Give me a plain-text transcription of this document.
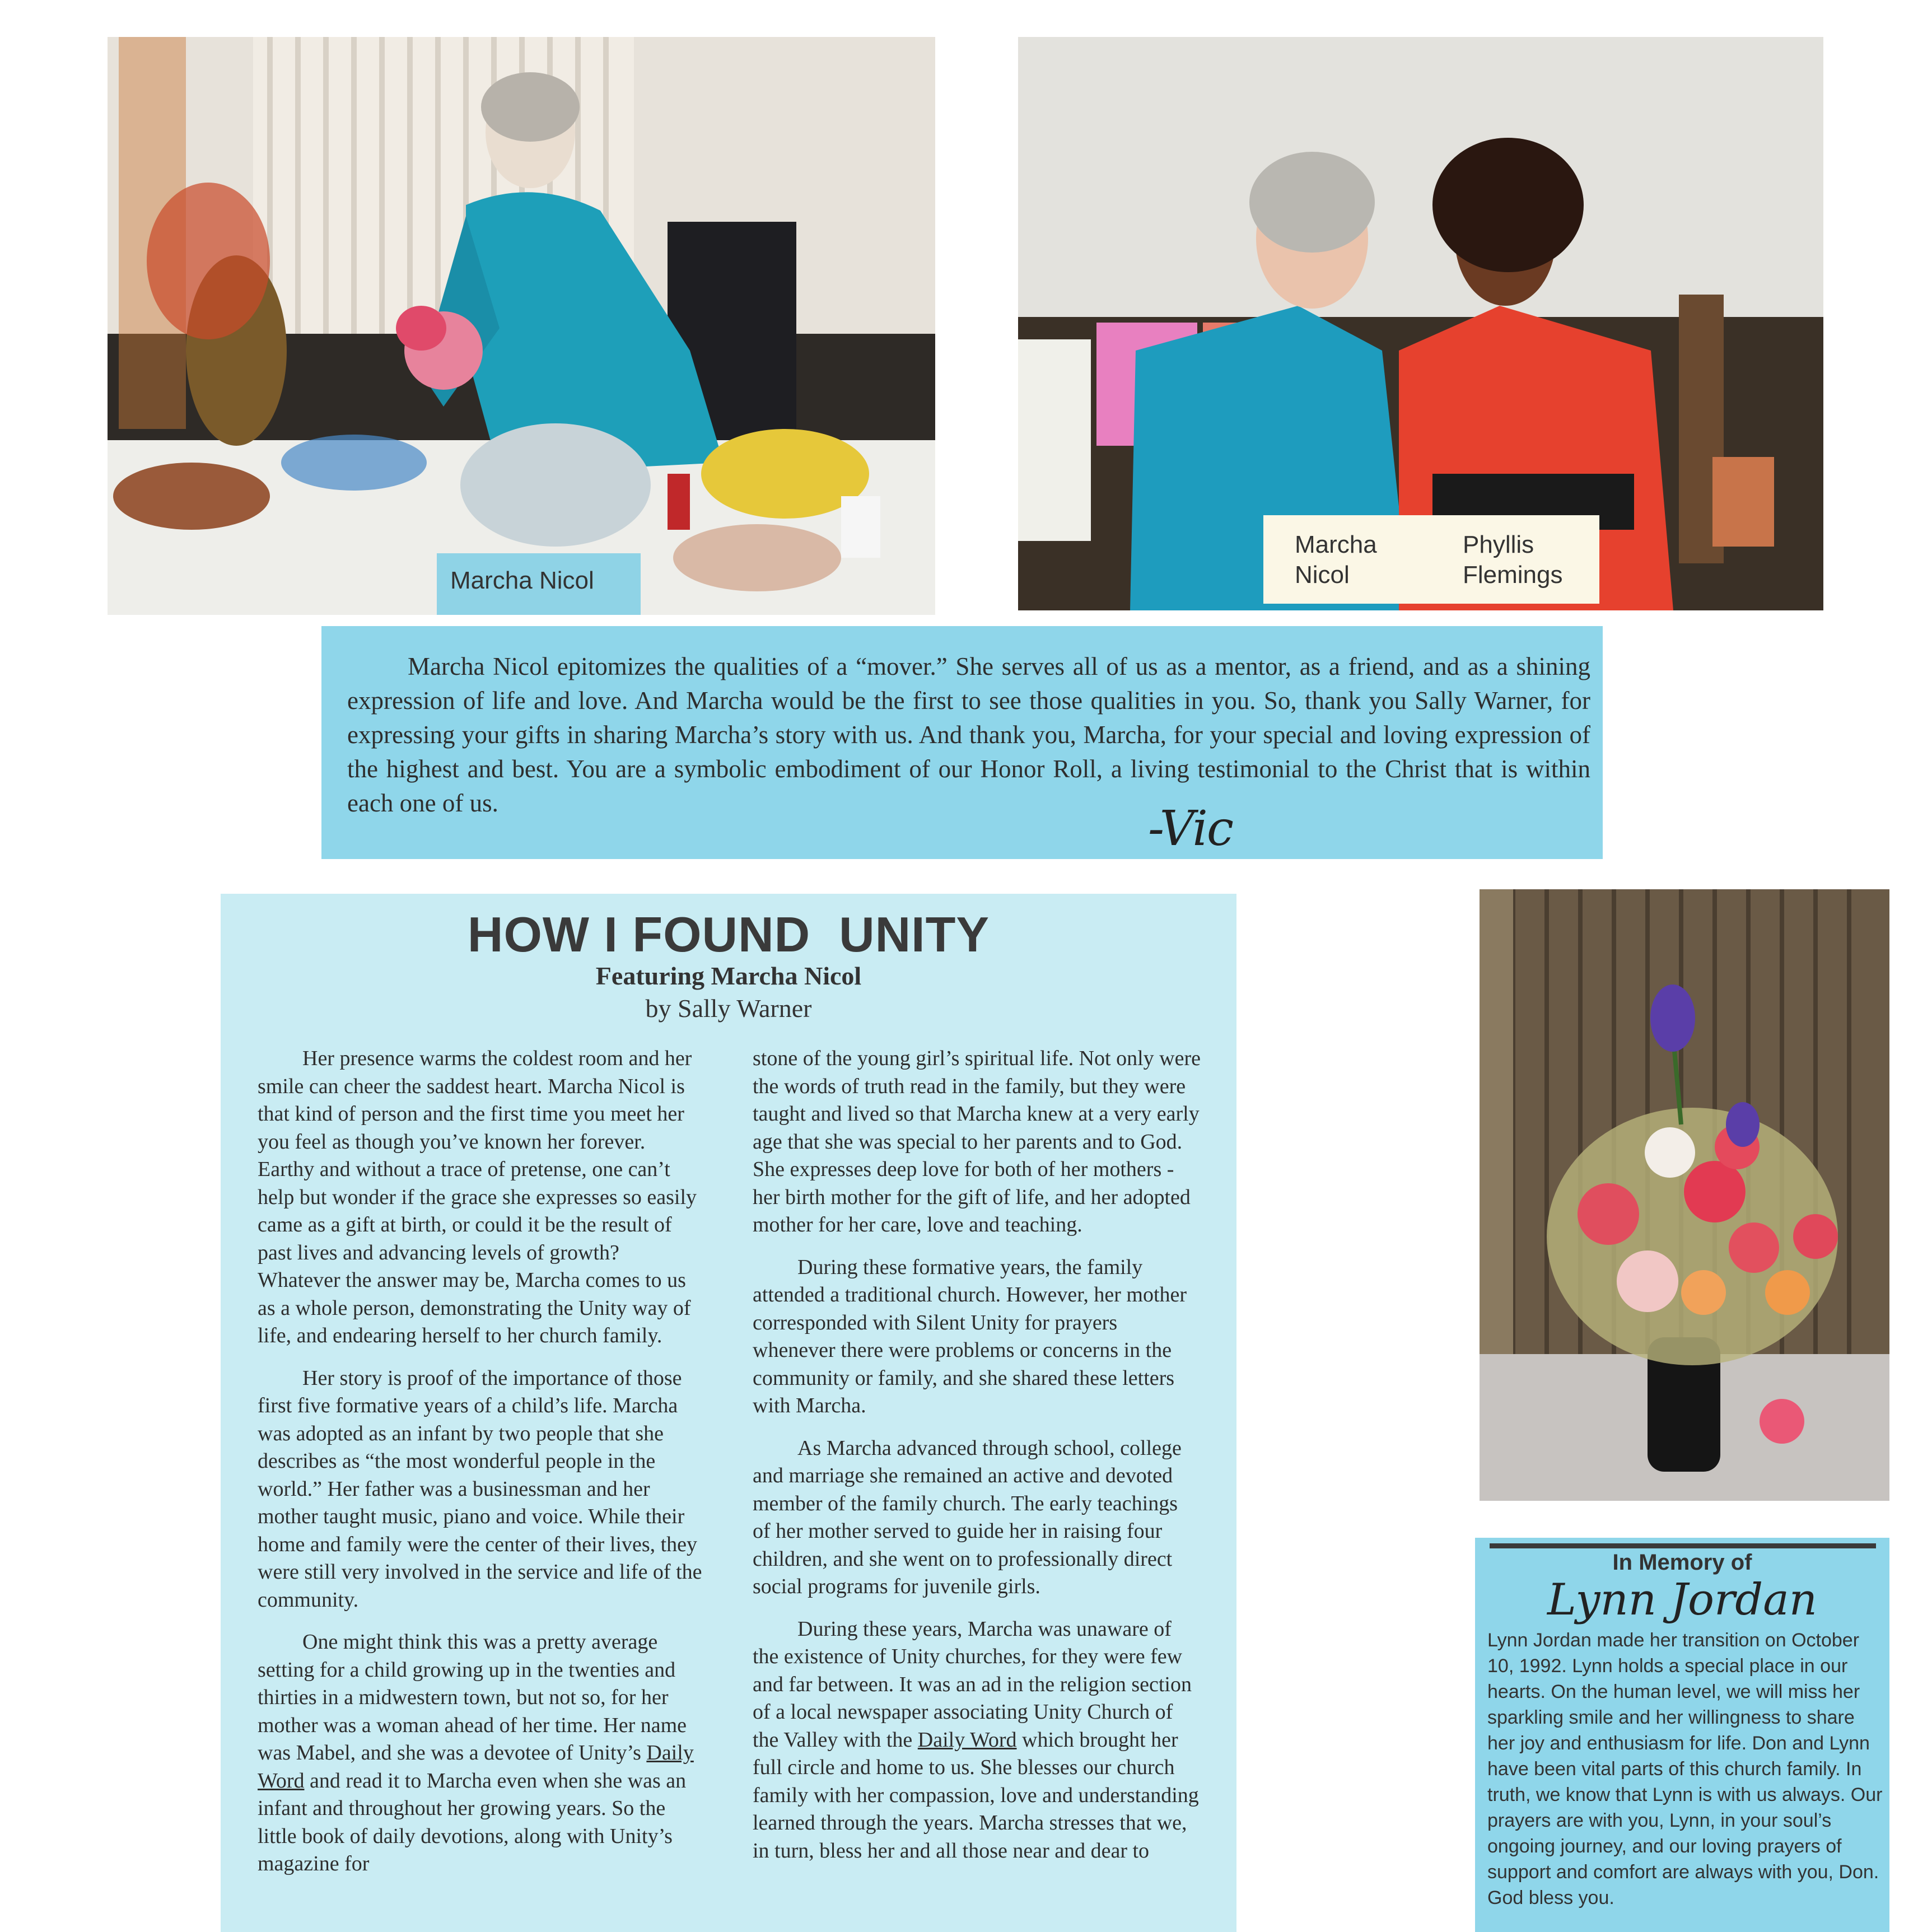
Marcha Nicol
Marcha
Nicol
Phyllis
Flemings
Marcha Nicol epitomizes the qualities of a “mover.” She serves all of us as a mentor, as a friend, and as a shining expression of life and love. And Marcha would be the first to see those qualities in you. So, thank you Sally Warner, for expressing your gifts in sharing Marcha’s story with us. And thank you, Marcha, for your special and loving expression of the highest and best. You are a symbolic embodiment of our Honor Roll, a living testimonial to the Christ that is within each one of us.	-Vic
HOW I FOUND  UNITY
Featuring Marcha Nicol
by Sally Warner

Her presence warms the coldest room and her smile can cheer the saddest heart. Marcha Nicol is that kind of person and the first time you meet her you feel as though you’ve known her forever. Earthy and without a trace of pretense, one can’t help but wonder if the grace she expresses so easily came as a gift at birth, or could it be the result of past lives and advancing levels of growth? Whatever the answer may be, Marcha comes to us as a whole person, demonstrating the Unity way of life, and endearing herself to her church family.

Her story is proof of the importance of those first five formative years of a child’s life. Marcha was adopted as an infant by two people that she describes as “the most wonderful people in the world.” Her father was a businessman and her mother taught music, piano and voice. While their home and family were the center of their lives, they were still very involved in the service and life of the community.

One might think this was a pretty average setting for a child growing up in the twenties and thirties in a midwestern town, but not so, for her mother was a woman ahead of her time. Her name was Mabel, and she was a devotee of Unity’s Daily Word and read it to Marcha even when she was an infant and throughout her growing years. So the little book of daily devotions, along with Unity’s magazine for

stone of the young girl’s spiritual life. Not only were the words of truth read in the family, but they were taught and lived so that Marcha knew at a very early age that she was special to her parents and to God. She expresses deep love for both of her mothers - her birth mother for the gift of life, and her adopted mother for her care, love and teaching.

During these formative years, the family attended a traditional church. However, her mother corresponded with Silent Unity for prayers whenever there were problems or concerns in the community or family, and she shared these letters with Marcha.

As Marcha advanced through school, college and marriage she remained an active and devoted member of the family church. The early teachings of her mother served to guide her in raising four children, and she went on to professionally direct social programs for juvenile girls.

During these years, Marcha was unaware of the existence of Unity churches, for they were few and far between. It was an ad in the religion section of a local newspaper associating Unity Church of the Valley with the Daily Word which brought her full circle and home to us. She blesses our church family with her compassion, love and understanding learned through the years. Marcha stresses that we, in turn, bless her and all those near and dear to

In Memory of
Lynn Jordan
Lynn Jordan made her transition on October 10, 1992. Lynn holds a special place in our hearts. On the human level, we will miss her sparkling smile and her willingness to share her joy and enthusiasm for life. Don and Lynn have been vital parts of this church family. In truth, we know that Lynn is with us always. Our prayers are with you, Lynn, in your soul’s ongoing journey, and our loving prayers of support and comfort are always with you, Don. God bless you.
